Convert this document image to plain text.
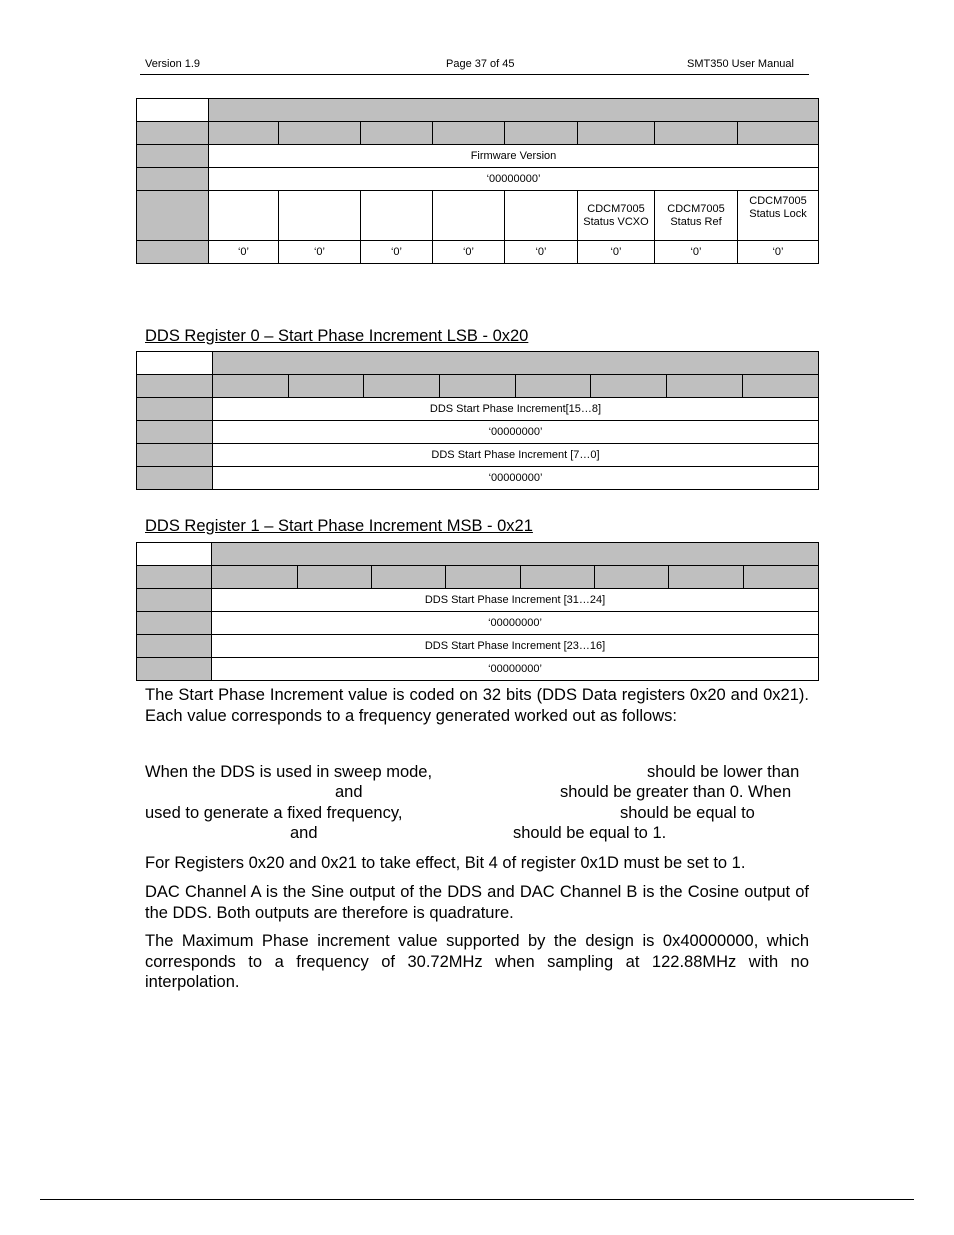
Version 1.9	Page 37 of 45	SMT350 User Manual

	Firmware Version							
	‘00000000’							
						CDCM7005 Status VCXO	CDCM7005 Status Ref	CDCM7005 Status Lock
	‘0’	‘0’	‘0’	‘0’	‘0’	‘0’	‘0’	‘0’
DDS Register 0 – Start Phase Increment LSB - 0x20

	DDS Start Phase Increment[15…8]							
	‘00000000’							
	DDS Start Phase Increment [7…0]							
	‘00000000’							
DDS Register 1 – Start Phase Increment MSB - 0x21

	DDS Start Phase Increment [31…24]							
	‘00000000’							
	DDS Start Phase Increment [23…16]							
	‘00000000’							
The Start Phase Increment value is coded on 32 bits (DDS Data registers 0x20 and 0x21). Each value corresponds to a frequency generated worked out as follows:
When the DDS is used in sweep mode,	should be lower than
and	should be greater than 0. When
used to generate a fixed frequency,	should be equal to
and	should be equal to 1.
For Registers 0x20 and 0x21 to take effect, Bit 4 of register 0x1D must be set to 1.
DAC Channel A is the Sine output of the DDS and DAC Channel B is the Cosine output of the DDS. Both outputs are therefore is quadrature.
The Maximum Phase increment value supported by the design is 0x40000000, which corresponds to a frequency of 30.72MHz when sampling at 122.88MHz with no interpolation.
